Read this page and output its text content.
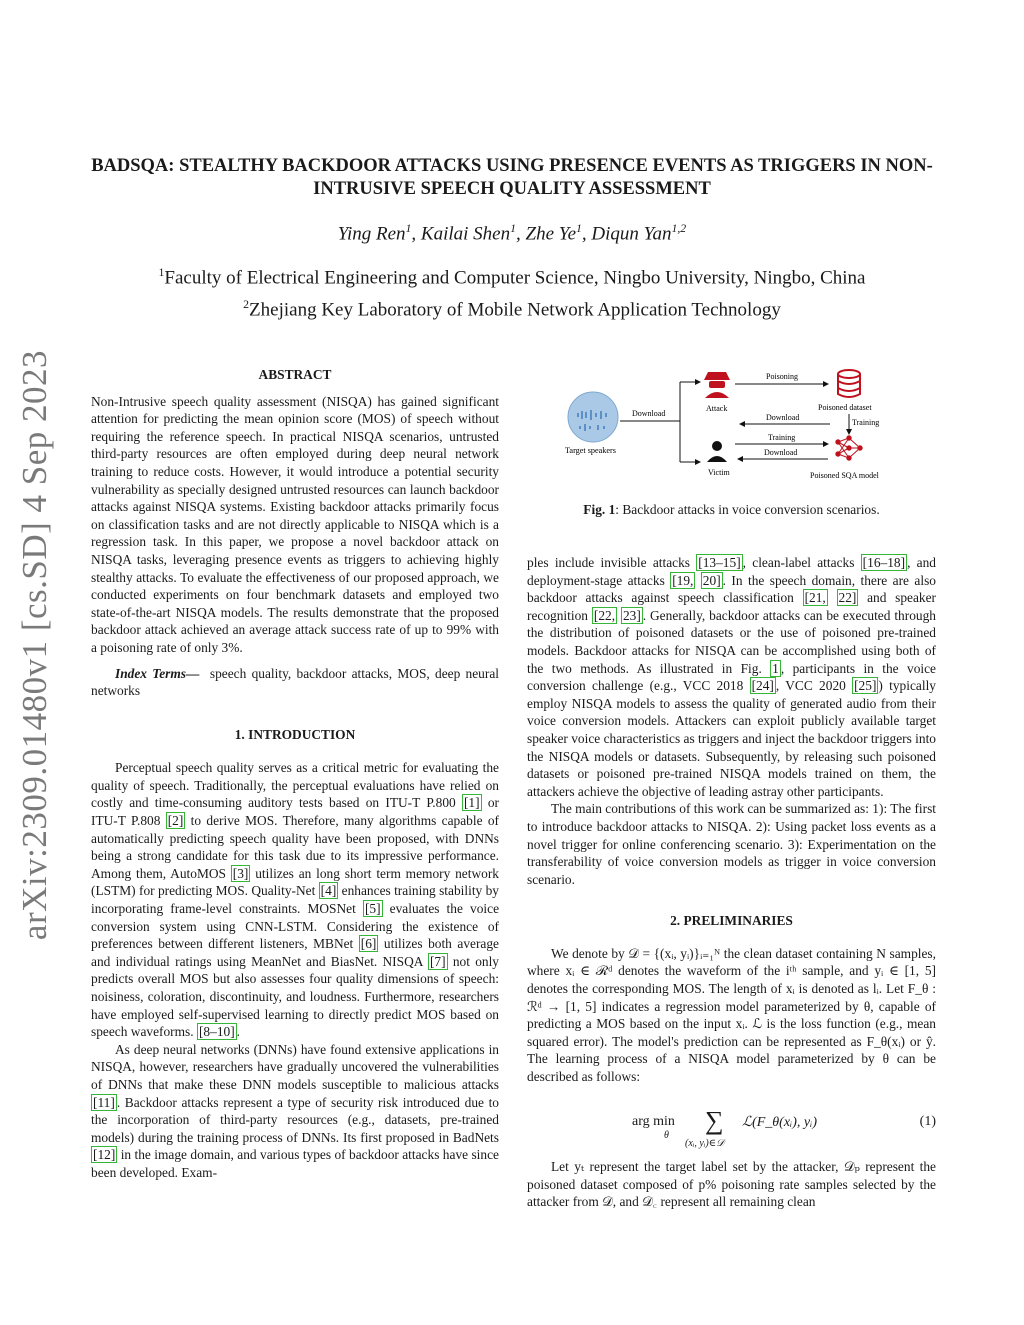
arXiv:2309.01480v1 [cs.SD] 4 Sep 2023
BADSQA: STEALTHY BACKDOOR ATTACKS USING PRESENCE EVENTS AS TRIGGERS IN NON-INTRUSIVE SPEECH QUALITY ASSESSMENT
Ying Ren$^1$, Kailai Shen$^1$, Zhe Ye$^1$, Diqun Yan$^{1,2}$
$^1$Faculty of Electrical Engineering and Computer Science, Ningbo University, Ningbo, China
$^2$Zhejiang Key Laboratory of Mobile Network Application Technology

ABSTRACT

Non-Intrusive speech quality assessment (NISQA) has gained significant attention for predicting the mean opinion score (MOS) of speech without requiring the reference speech. In practical NISQA scenarios, untrusted third-party resources are often employed during deep neural network training to reduce costs. However, it would introduce a potential security vulnerability as specially designed untrusted resources can launch backdoor attacks against NISQA systems. Existing backdoor attacks primarily focus on classification tasks and are not directly applicable to NISQA which is a regression task. In this paper, we propose a novel backdoor attack on NISQA tasks, leveraging presence events as triggers to achieving highly stealthy attacks. To evaluate the effectiveness of our proposed approach, we conducted experiments on four benchmark datasets and employed two state-of-the-art NISQA models. The results demonstrate that the proposed backdoor attack achieved an average attack success rate of up to 99% with a poisoning rate of only 3%.

Index Terms— speech quality, backdoor attacks, MOS, deep neural networks

1. INTRODUCTION

Perceptual speech quality serves as a critical metric for evaluating the quality of speech. Traditionally, the perceptual evaluations have relied on costly and time-consuming auditory tests based on ITU-T P.800 [1] or ITU-T P.808 [2] to derive MOS. Therefore, many algorithms capable of automatically predicting speech quality have been proposed, with DNNs being a strong candidate for this task due to its impressive performance. Among them, AutoMOS [3] utilizes an long short term memory network (LSTM) for predicting MOS. Quality-Net [4] enhances training stability by incorporating frame-level constraints. MOSNet [5] evaluates the voice conversion system using CNN-LSTM. Considering the existence of preferences between different listeners, MBNet [6] utilizes both average and individual ratings using MeanNet and BiasNet. NISQA [7] not only predicts overall MOS but also assesses four quality dimensions of speech: noisiness, coloration, discontinuity, and loudness. Furthermore, researchers have employed self-supervised learning to directly predict MOS based on speech waveforms. [8–10] .

As deep neural networks (DNNs) have found extensive applications in NISQA, however, researchers have gradually uncovered the vulnerabilities of DNNs that make these DNN models susceptible to malicious attacks [11] . Backdoor attacks represent a type of security risk introduced due to the incorporation of third-party resources (e.g., datasets, pre-trained models) during the training process of DNNs. Its first proposed in BadNets [12] in the image domain, and various types of backdoor attacks have since been developed. Exam-

Target speakers
Download
Attack
Poisoning
Poisoned dataset
Download
Training
Victim
Training
Download
Poisoned SQA model
Fig. 1: Backdoor attacks in voice conversion scenarios.

ples include invisible attacks [13–15] , clean-label attacks [16–18] , and deployment-stage attacks [19, 20] . In the speech domain, there are also backdoor attacks against speech classification [21, 22] and speaker recognition [22, 23] . Generally, backdoor attacks can be executed through the distribution of poisoned datasets or the use of poisoned pre-trained models. Backdoor attacks for NISQA can be accomplished using both of the two methods. As illustrated in Fig. 1 , participants in the voice conversion challenge (e.g., VCC 2018 [24] , VCC 2020 [25] ) typically employ NISQA models to assess the quality of generated audio from their voice conversion models. Attackers can exploit publicly available target speaker voice characteristics as triggers and inject the backdoor triggers into the NISQA models or datasets. Subsequently, by releasing such poisoned datasets or poisoned pre-trained NISQA models trained on them, the attackers achieve the objective of leading astray other participants.

The main contributions of this work can be summarized as: 1): The first to introduce backdoor attacks to NISQA. 2): Using packet loss events as a novel trigger for online conferencing scenario. 3): Experimentation on the transferability of voice conversion models as trigger in voice conversion scenario.

2. PRELIMINARIES

We denote by 𝒟 = {(xᵢ, yᵢ)}ᵢ₌₁ᴺ the clean dataset containing N samples, where xᵢ ∈ ℛᵈ denotes the waveform of the iᵗʰ sample, and yᵢ ∈ [1, 5] denotes the corresponding MOS. The length of xᵢ is denoted as lᵢ. Let F_θ : ℛᵈ → [1, 5] indicates a regression model parameterized by θ, capable of predicting a MOS based on the input xᵢ. ℒ is the loss function (e.g., mean squared error). The model's prediction can be represented as F_θ(xᵢ) or ŷ. The learning process of a NISQA model parameterized by θ can be described as follows:

arg min
θ
∑
(xᵢ, yᵢ)∈𝒟
ℒ(F_θ(xᵢ), yᵢ)	(1)

Let yₜ represent the target label set by the attacker, 𝒟ₚ represent the poisoned dataset composed of p% poisoning rate samples selected by the attacker from 𝒟, and 𝒟꜀ represent all remaining clean
